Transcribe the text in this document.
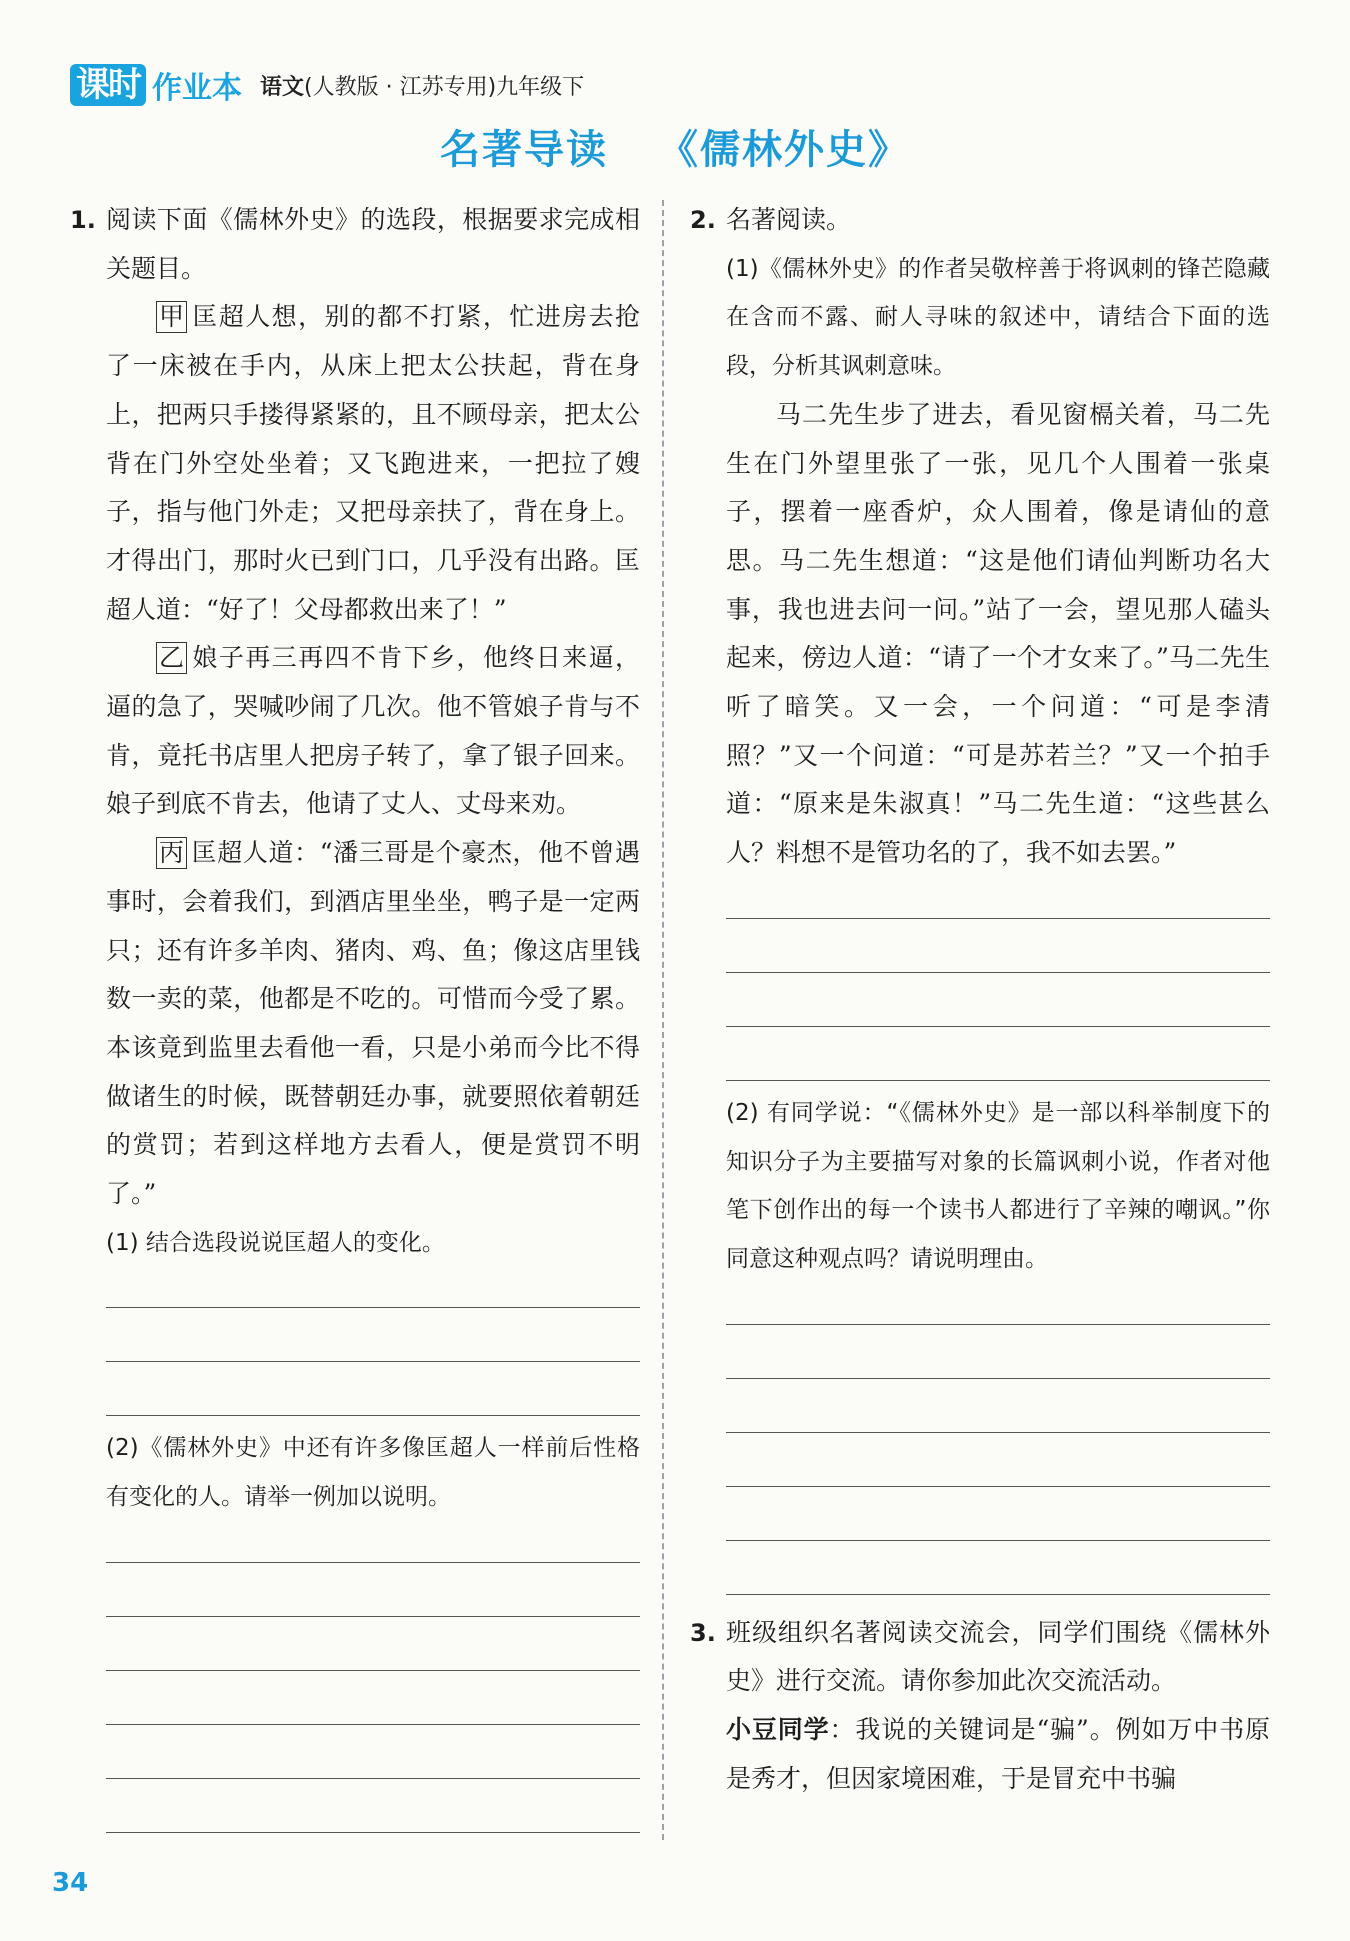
课时 作业本 语文(人教版 · 江苏专用)九年级下
名著导读 《儒林外史》
1. 阅读下面《儒林外史》的选段，根据要求完成相关题目。

甲 匡超人想，别的都不打紧，忙进房去抢了一床被在手内，从床上把太公扶起，背在身上，把两只手搂得紧紧的，且不顾母亲，把太公背在门外空处坐着；又飞跑进来，一把拉了嫂子，指与他门外走；又把母亲扶了，背在身上。才得出门，那时火已到门口，几乎没有出路。匡超人道：“好了！父母都救出来了！”

乙 娘子再三再四不肯下乡，他终日来逼，逼的急了，哭喊吵闹了几次。他不管娘子肯与不肯，竟托书店里人把房子转了，拿了银子回来。娘子到底不肯去，他请了丈人、丈母来劝。

丙 匡超人道：“潘三哥是个豪杰，他不曾遇事时，会着我们，到酒店里坐坐，鸭子是一定两只；还有许多羊肉、猪肉、鸡、鱼；像这店里钱数一卖的菜，他都是不吃的。可惜而今受了累。本该竟到监里去看他一看，只是小弟而今比不得做诸生的时候，既替朝廷办事，就要照依着朝廷的赏罚；若到这样地方去看人，便是赏罚不明了。”

(1) 结合选段说说匡超人的变化。

(2)《儒林外史》中还有许多像匡超人一样前后性格有变化的人。请举一例加以说明。

2. 名著阅读。

(1)《儒林外史》的作者吴敬梓善于将讽刺的锋芒隐藏在含而不露、耐人寻味的叙述中，请结合下面的选段，分析其讽刺意味。

马二先生步了进去，看见窗槅关着，马二先生在门外望里张了一张，见几个人围着一张桌子，摆着一座香炉，众人围着，像是请仙的意思。马二先生想道：“这是他们请仙判断功名大事，我也进去问一问。”站了一会，望见那人磕头起来，傍边人道：“请了一个才女来了。”马二先生听了暗笑。又一会，一个问道：“可是李清照？”又一个问道：“可是苏若兰？”又一个拍手道：“原来是朱淑真！”马二先生道：“这些甚么人？料想不是管功名的了，我不如去罢。”

(2) 有同学说：“《儒林外史》是一部以科举制度下的知识分子为主要描写对象的长篇讽刺小说，作者对他笔下创作出的每一个读书人都进行了辛辣的嘲讽。”你同意这种观点吗？请说明理由。

3. 班级组织名著阅读交流会，同学们围绕《儒林外史》进行交流。请你参加此次交流活动。

小豆同学：我说的关键词是“骗”。例如万中书原是秀才，但因家境困难，于是冒充中书骗

34
